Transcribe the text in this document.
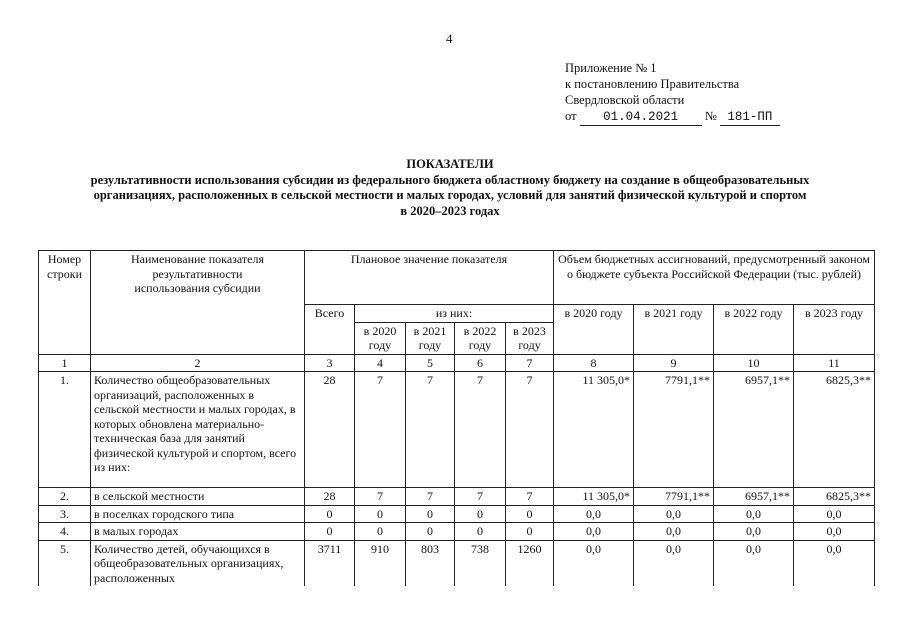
4
Приложение № 1
к постановлению Правительства
Свердловской области
от 01.04.2021 № 181-ПП
ПОКАЗАТЕЛИ
результативности использования субсидии из федерального бюджета областному бюджету на создание в общеобразовательных
организациях, расположенных в сельской местности и малых городах, условий для занятий физической культурой и спортом
в 2020–2023 годах
Номер строки	Наименование показателя результативности использования субсидии	Плановое значение показателя					Объем бюджетных ассигнований, предусмотренный законом о бюджете субъекта Российской Федерации (тыс. рублей)			
		Всего	из них:				в 2020 году	в 2021 году	в 2022 году	в 2023 году
			в 2020 году	в 2021 году	в 2022 году	в 2023 году				
1	2	3	4	5	6	7	8	9	10	11
1.	Количество общеобразовательных организаций, расположенных в сельской местности и малых городах, в которых обновлена материально-техническая база для занятий физической культурой и спортом, всего из них:	28	7	7	7	7	11 305,0*	7791,1**	6957,1**	6825,3**
2.	в сельской местности	28	7	7	7	7	11 305,0*	7791,1**	6957,1**	6825,3**
3.	в поселках городского типа	0	0	0	0	0	0,0	0,0	0,0	0,0
4.	в малых городах	0	0	0	0	0	0,0	0,0	0,0	0,0
5.	Количество детей, обучающихся в общеобразовательных организациях, расположенных	3711	910	803	738	1260	0,0	0,0	0,0	0,0
